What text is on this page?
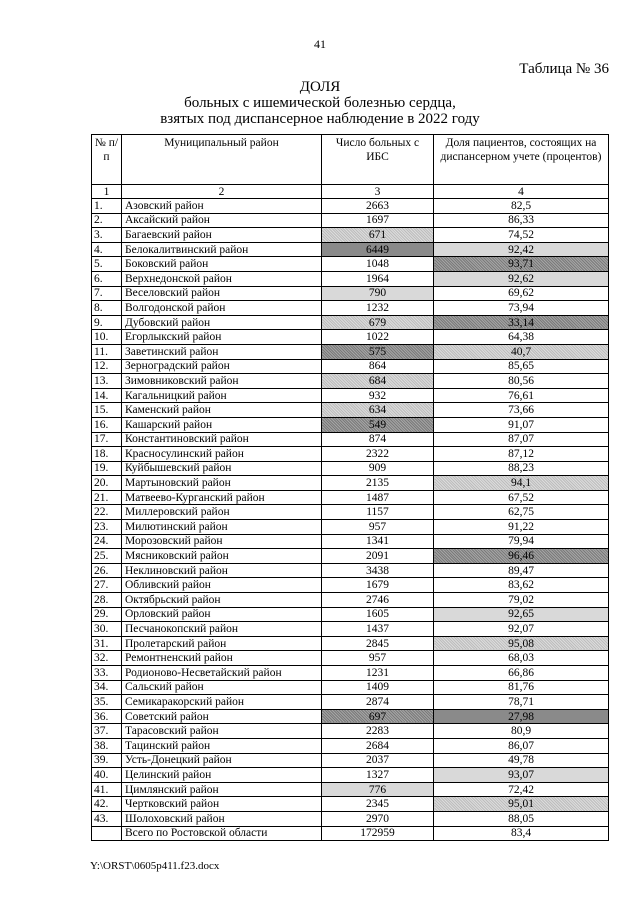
41
Таблица № 36
ДОЛЯ
больных с ишемической болезнью сердца,
взятых под диспансерное наблюдение в 2022 году
№ п/п	Муниципальный район	Число больных с ИБС	Доля пациентов, состоящих на диспансерном учете (процентов)
1	2	3	4
1.	Азовский район	2663	82,5
2.	Аксайский район	1697	86,33
3.	Багаевский район	671	74,52
4.	Белокалитвинский район	6449	92,42
5.	Боковский район	1048	93,71
6.	Верхнедонской район	1964	92,62
7.	Веселовский район	790	69,62
8.	Волгодонской район	1232	73,94
9.	Дубовский район	679	33,14
10.	Егорлыкский район	1022	64,38
11.	Заветинский район	575	40,7
12.	Зерноградский район	864	85,65
13.	Зимовниковский район	684	80,56
14.	Кагальницкий район	932	76,61
15.	Каменский район	634	73,66
16.	Кашарский район	549	91,07
17.	Константиновский район	874	87,07
18.	Красносулинский район	2322	87,12
19.	Куйбышевский район	909	88,23
20.	Мартыновский район	2135	94,1
21.	Матвеево-Курганский район	1487	67,52
22.	Миллеровский район	1157	62,75
23.	Милютинский район	957	91,22
24.	Морозовский район	1341	79,94
25.	Мясниковский район	2091	96,46
26.	Неклиновский район	3438	89,47
27.	Обливский район	1679	83,62
28.	Октябрьский район	2746	79,02
29.	Орловский район	1605	92,65
30.	Песчанокопский район	1437	92,07
31.	Пролетарский район	2845	95,08
32.	Ремонтненский район	957	68,03
33.	Родионово-Несветайский район	1231	66,86
34.	Сальский район	1409	81,76
35.	Семикаракорский район	2874	78,71
36.	Советский район	697	27,98
37.	Тарасовский район	2283	80,9
38.	Тацинский район	2684	86,07
39.	Усть-Донецкий район	2037	49,78
40.	Целинский район	1327	93,07
41.	Цимлянский район	776	72,42
42.	Чертковский район	2345	95,01
43.	Шолоховский район	2970	88,05
	Всего по Ростовской области	172959	83,4
Y:\ORST\0605p411.f23.docx
